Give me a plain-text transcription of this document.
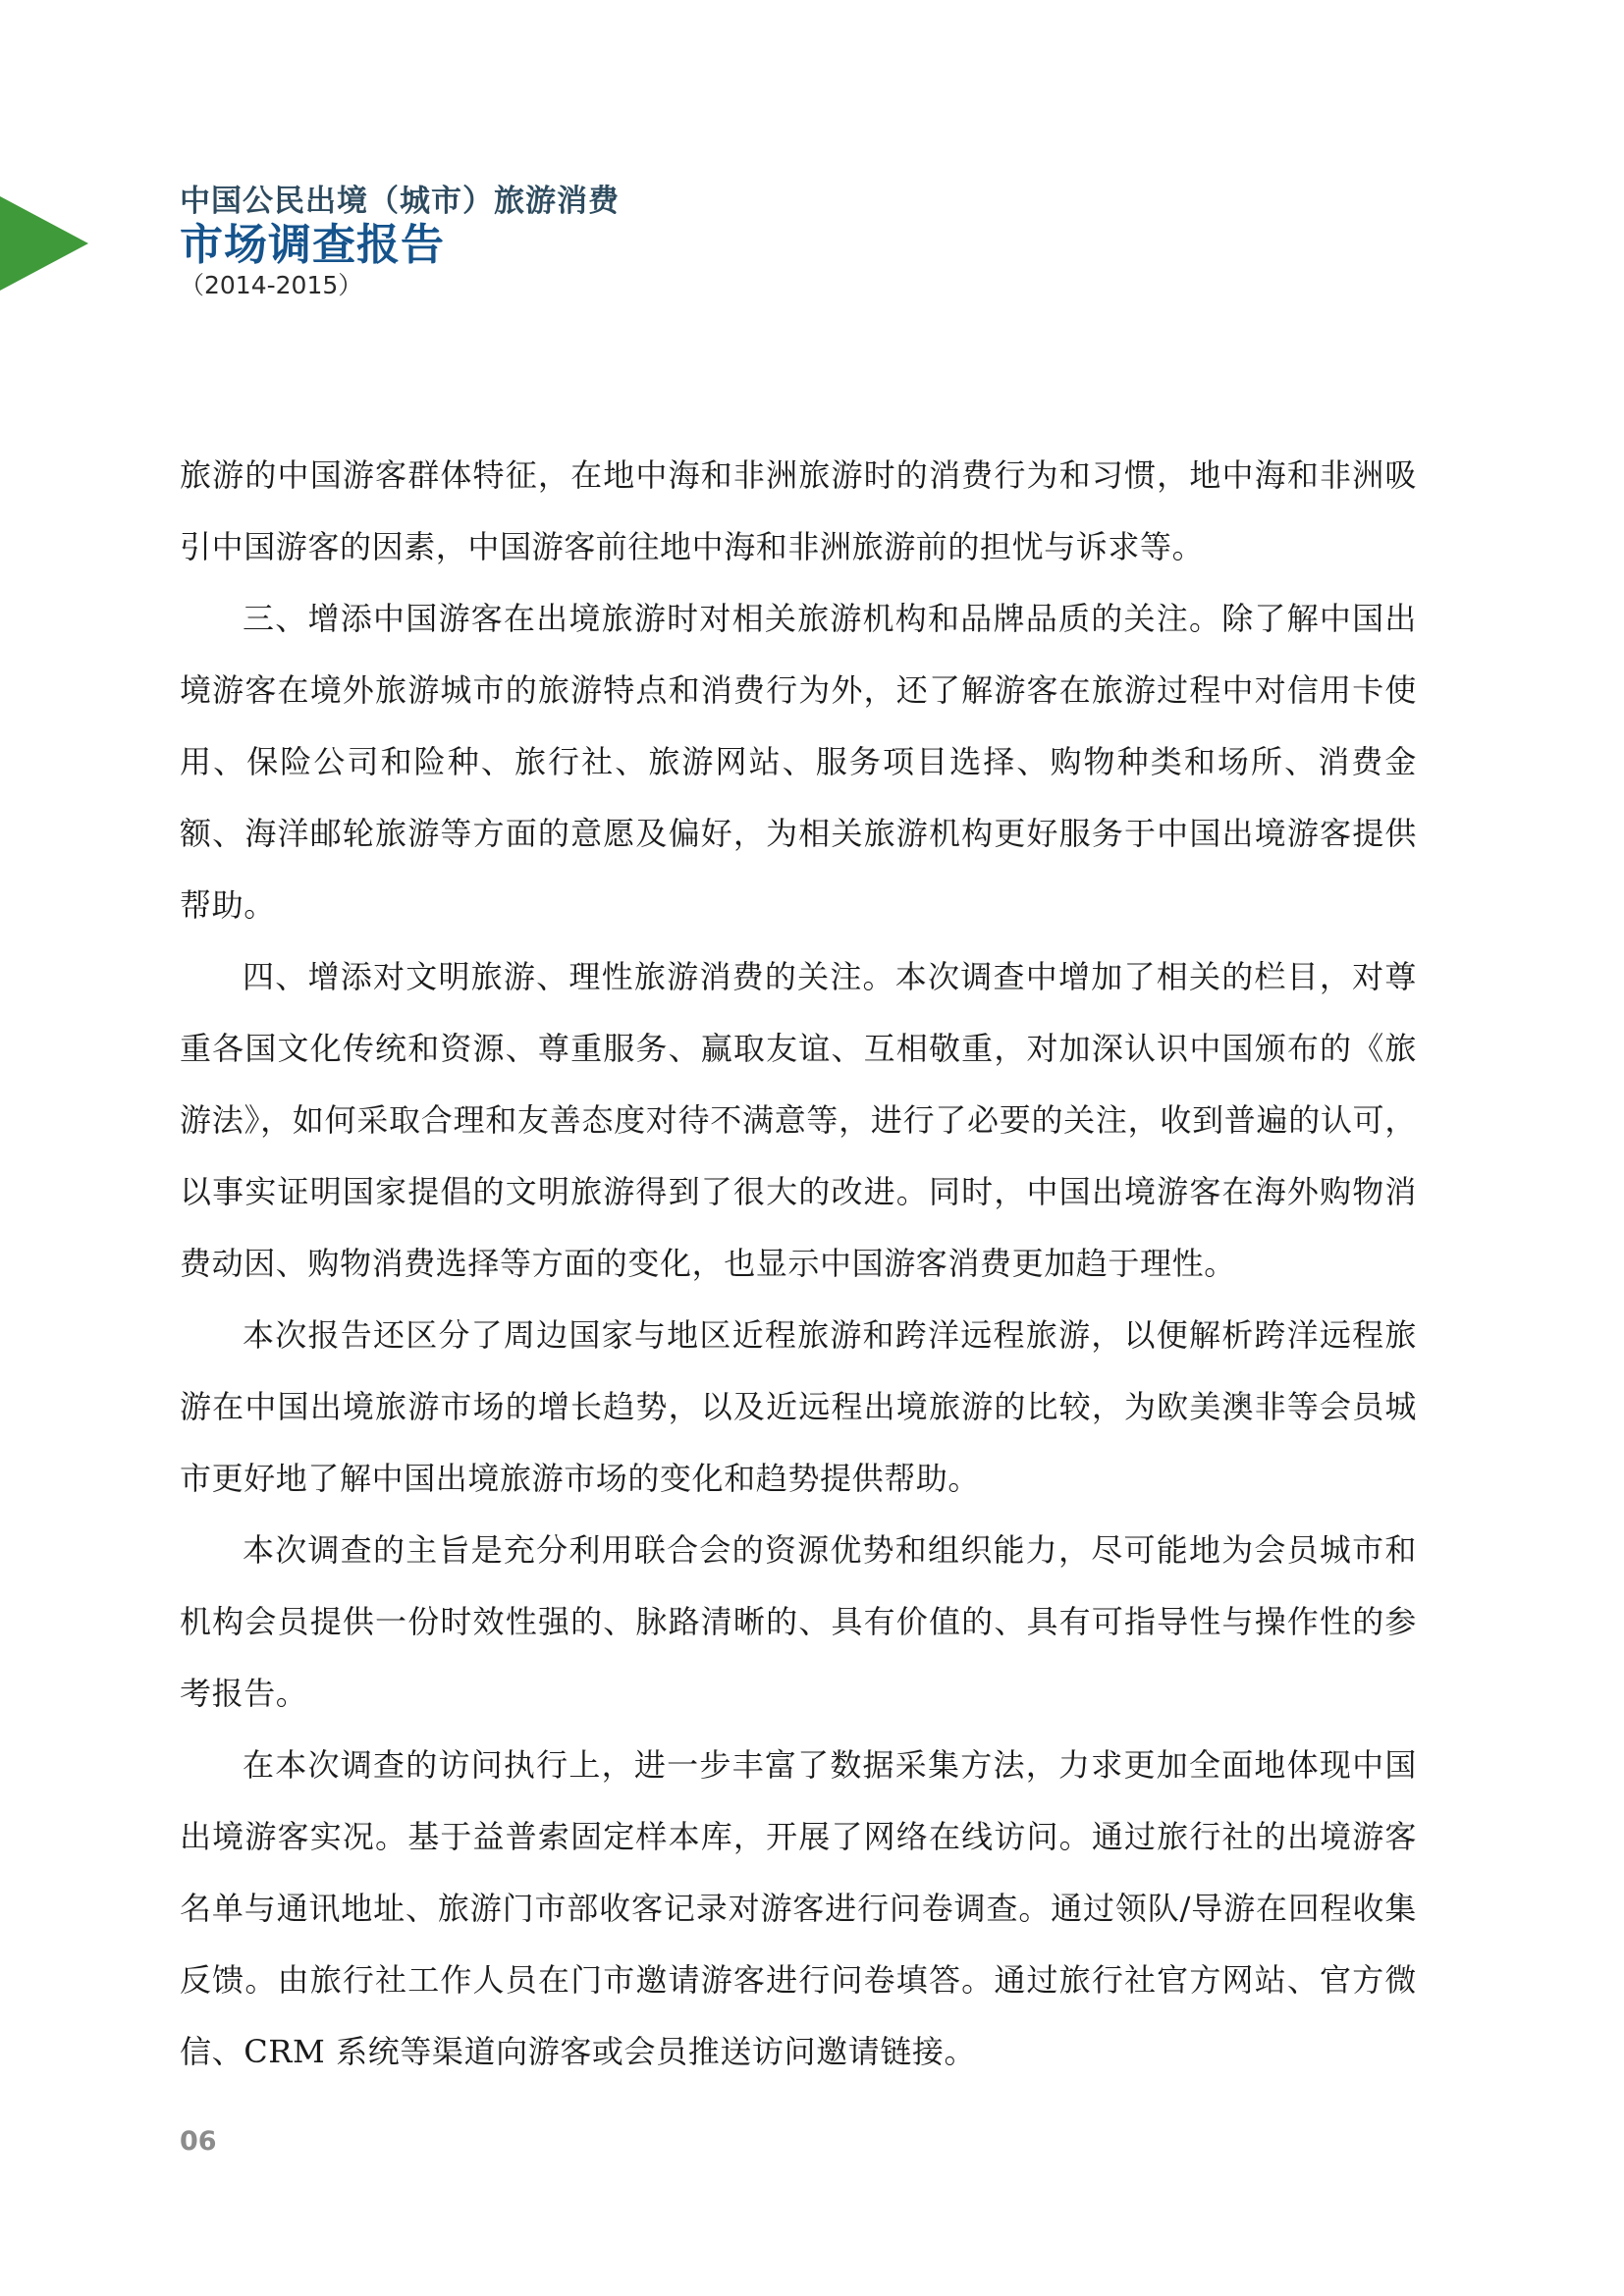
中国公民出境（城市）旅游消费
市场调查报告
（2014-2015）

旅游的中国游客群体特征，在地中海和非洲旅游时的消费行为和习惯，地中海和非洲吸引中国游客的因素，中国游客前往地中海和非洲旅游前的担忧与诉求等。

三、增添中国游客在出境旅游时对相关旅游机构和品牌品质的关注。除了解中国出境游客在境外旅游城市的旅游特点和消费行为外，还了解游客在旅游过程中对信用卡使用、保险公司和险种、旅行社、旅游网站、服务项目选择、购物种类和场所、消费金额、海洋邮轮旅游等方面的意愿及偏好，为相关旅游机构更好服务于中国出境游客提供帮助。

四、增添对文明旅游、理性旅游消费的关注。本次调查中增加了相关的栏目，对尊重各国文化传统和资源、尊重服务、赢取友谊、互相敬重，对加深认识中国颁布的《旅游法》，如何采取合理和友善态度对待不满意等，进行了必要的关注，收到普遍的认可，以事实证明国家提倡的文明旅游得到了很大的改进。同时，中国出境游客在海外购物消费动因、购物消费选择等方面的变化，也显示中国游客消费更加趋于理性。

本次报告还区分了周边国家与地区近程旅游和跨洋远程旅游，以便解析跨洋远程旅游在中国出境旅游市场的增长趋势，以及近远程出境旅游的比较，为欧美澳非等会员城市更好地了解中国出境旅游市场的变化和趋势提供帮助。

本次调查的主旨是充分利用联合会的资源优势和组织能力，尽可能地为会员城市和机构会员提供一份时效性强的、脉路清晰的、具有价值的、具有可指导性与操作性的参考报告。

在本次调查的访问执行上，进一步丰富了数据采集方法，力求更加全面地体现中国出境游客实况。基于益普索固定样本库，开展了网络在线访问。通过旅行社的出境游客名单与通讯地址、旅游门市部收客记录对游客进行问卷调查。通过领队/导游在回程收集反馈。由旅行社工作人员在门市邀请游客进行问卷填答。通过旅行社官方网站、官方微信、CRM 系统等渠道向游客或会员推送访问邀请链接。

06
